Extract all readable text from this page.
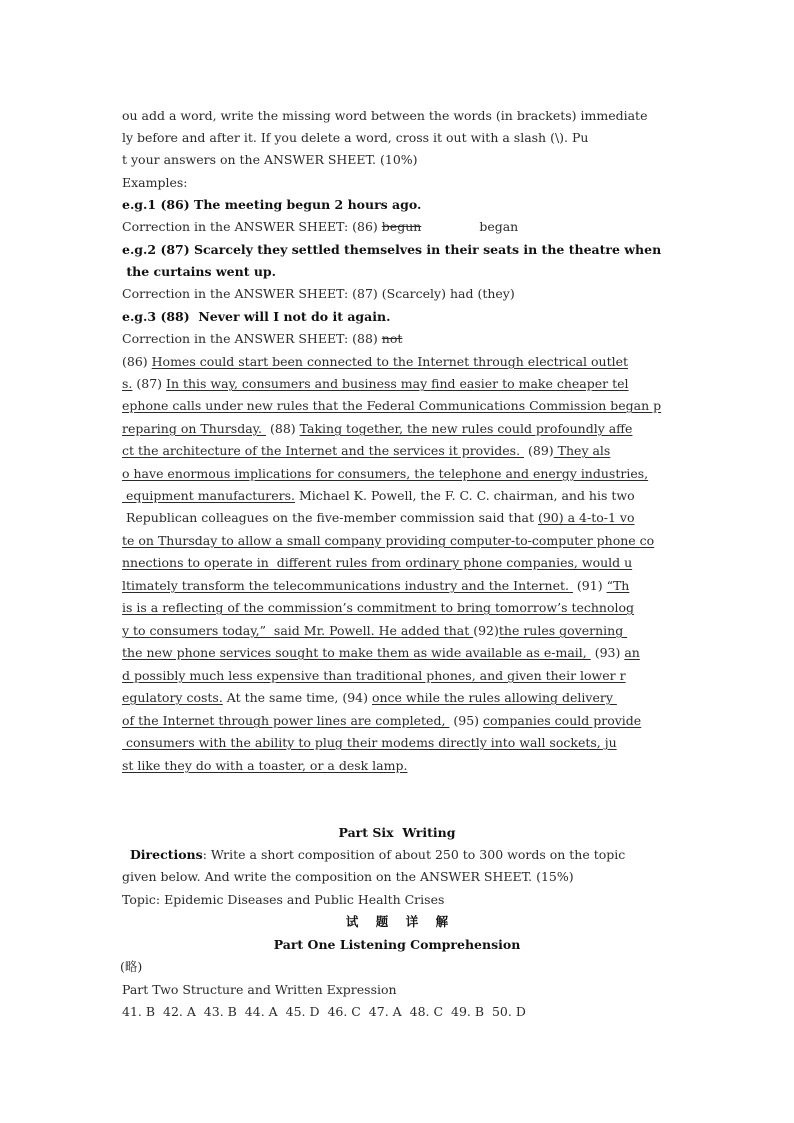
ou add a word, write the missing word between the words (in brackets) immediate
ly before and after it. If you delete a word, cross it out with a slash (\). Pu
t your answers on the ANSWER SHEET. (10%)
Examples:
e.g.1 (86) The meeting begun 2 hours ago.
Correction in the ANSWER SHEET: (86) begun	began
e.g.2 (87) Scarcely they settled themselves in their seats in the theatre when
the curtains went up.
Correction in the ANSWER SHEET: (87) (Scarcely) had (they)
e.g.3 (88)  Never will I not do it again.
Correction in the ANSWER SHEET: (88) not
(86) Homes could start been connected to the Internet through electrical outlet
s. (87) In this way, consumers and business may find easier to make cheaper tel
ephone calls under new rules that the Federal Communications Commission began p
reparing on Thursday.  (88) Taking together, the new rules could profoundly affe
ct the architecture of the Internet and the services it provides.  (89) They als
o have enormous implications for consumers, the telephone and energy industries,
equipment manufacturers. Michael K. Powell, the F. C. C. chairman, and his two
Republican colleagues on the five-member commission said that (90) a 4-to-1 vo
te on Thursday to allow a small company providing computer-to-computer phone co
nnections to operate in  different rules from ordinary phone companies, would u
ltimately transform the telecommunications industry and the Internet.  (91) “Th
is is a reflecting of the commission’s commitment to bring tomorrow’s technolog
y to consumers today,”  said Mr. Powell. He added that (92)the rules governing
the new phone services sought to make them as wide available as e-mail,  (93) an
d possibly much less expensive than traditional phones, and given their lower r
egulatory costs. At the same time, (94) once while the rules allowing delivery
of the Internet through power lines are completed,  (95) companies could provide
consumers with the ability to plug their modems directly into wall sockets, ju
st like they do with a toaster, or a desk lamp.
Part Six  Writing
Directions: Write a short composition of about 250 to 300 words on the topic
given below. And write the composition on the ANSWER SHEET. (15%)
Topic: Epidemic Diseases and Public Health Crises
试    题    详    解
Part One Listening Comprehension
(略)
Part Two Structure and Written Expression
41. B  42. A  43. B  44. A  45. D  46. C  47. A  48. C  49. B  50. D
